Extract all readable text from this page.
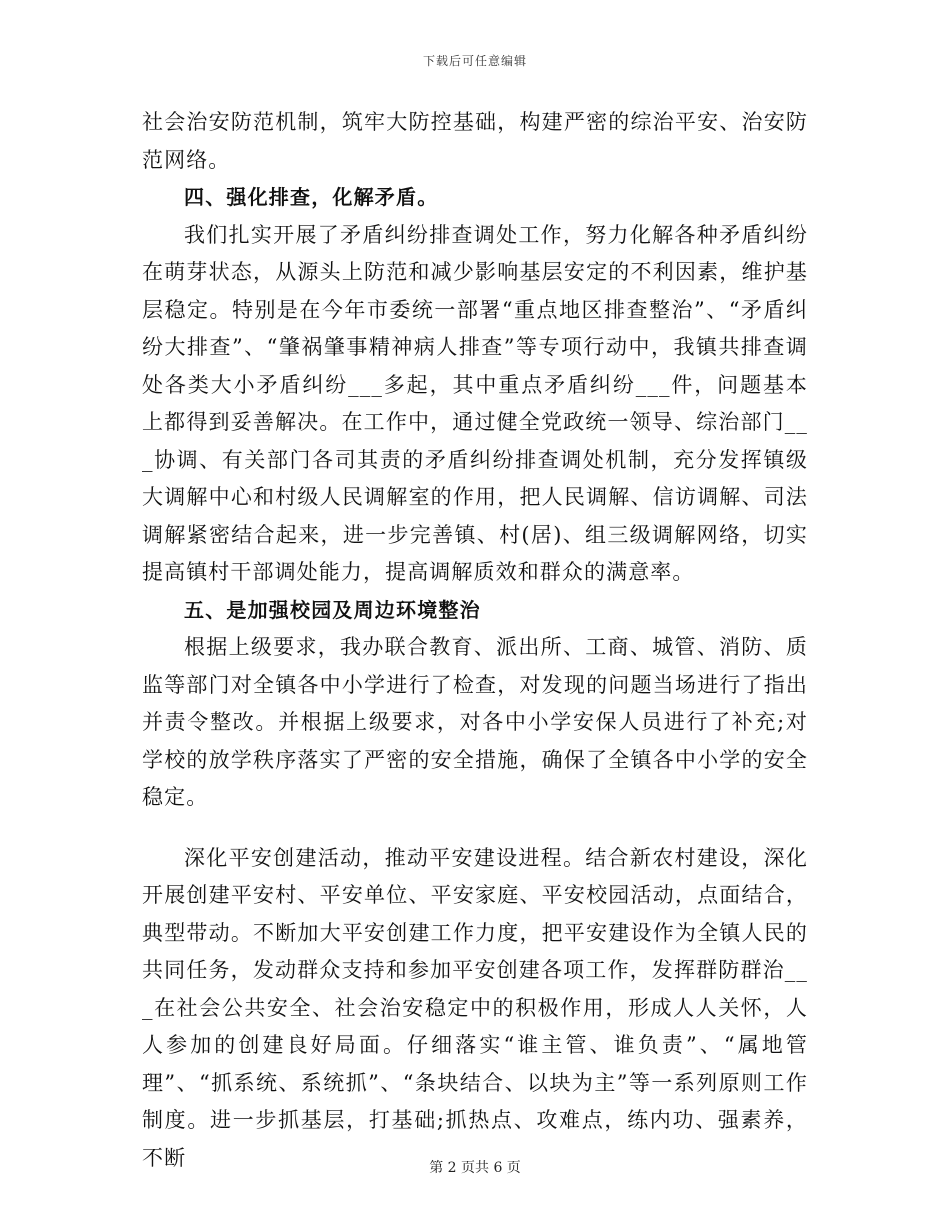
下载后可任意编辑

社会治安防范机制，筑牢大防控基础，构建严密的综治平安、治安防范网络。

四、强化排查，化解矛盾。

我们扎实开展了矛盾纠纷排查调处工作，努力化解各种矛盾纠纷在萌芽状态，从源头上防范和减少影响基层安定的不利因素，维护基层稳定。特别是在今年市委统一部署“重点地区排查整治”、“矛盾纠纷大排查”、“肇祸肇事精神病人排查”等专项行动中，我镇共排查调处各类大小矛盾纠纷___多起，其中重点矛盾纠纷___件，问题基本上都得到妥善解决。在工作中，通过健全党政统一领导、综治部门___协调、有关部门各司其责的矛盾纠纷排查调处机制，充分发挥镇级大调解中心和村级人民调解室的作用，把人民调解、信访调解、司法调解紧密结合起来，进一步完善镇、村(居)、组三级调解网络，切实提高镇村干部调处能力，提高调解质效和群众的满意率。

五、是加强校园及周边环境整治

根据上级要求，我办联合教育、派出所、工商、城管、消防、质监等部门对全镇各中小学进行了检查，对发现的问题当场进行了指出并责令整改。并根据上级要求，对各中小学安保人员进行了补充;对学校的放学秩序落实了严密的安全措施，确保了全镇各中小学的安全稳定。

深化平安创建活动，推动平安建设进程。结合新农村建设，深化开展创建平安村、平安单位、平安家庭、平安校园活动，点面结合，典型带动。不断加大平安创建工作力度，把平安建设作为全镇人民的共同任务，发动群众支持和参加平安创建各项工作，发挥群防群治___在社会公共安全、社会治安稳定中的积极作用，形成人人关怀，人人参加的创建良好局面。仔细落实“谁主管、谁负责”、“属地管理”、“抓系统、系统抓”、“条块结合、以块为主”等一系列原则工作制度。进一步抓基层，打基础;抓热点、攻难点，练内功、强素养，不断	第 2 页共 6 页
